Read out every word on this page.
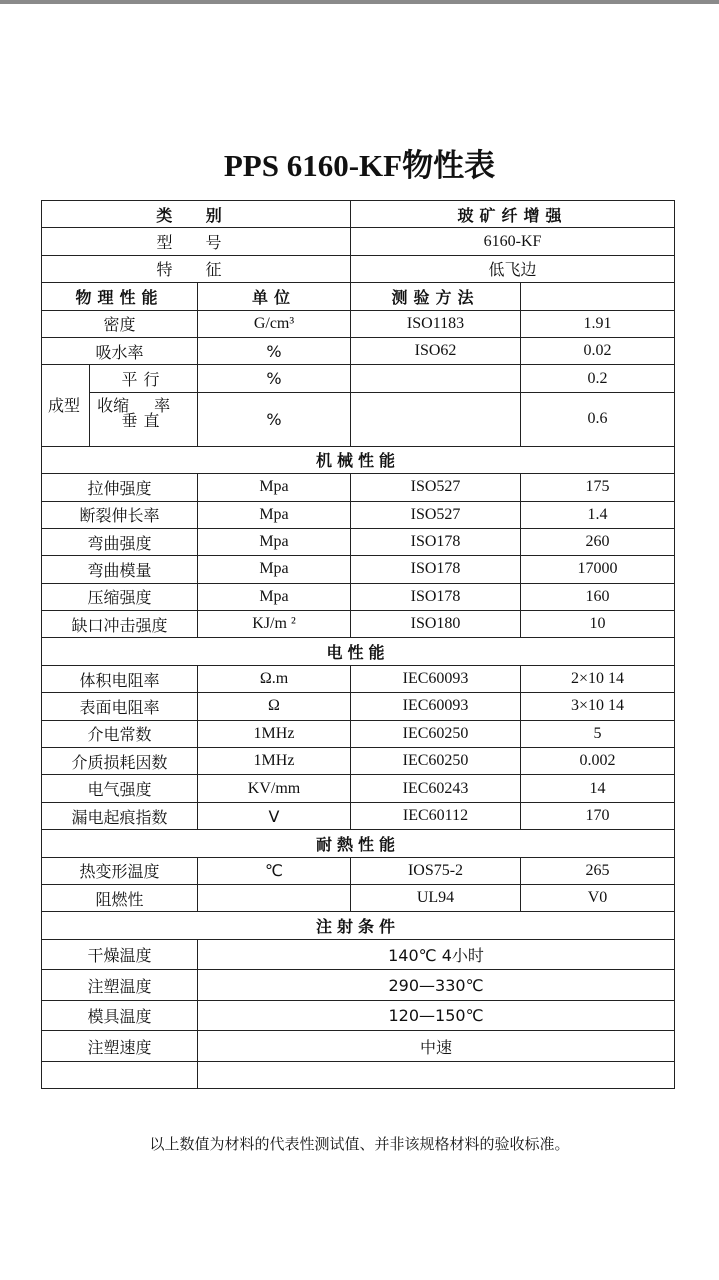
PPS 6160-KF物性表
类 别			玻矿纤增强	
型 号			6160-KF	
特 征			低飞边	
物理性能		单位	测验方法	
密度		G/cm³	ISO1183	1.91
吸水率		%	ISO62	0.02
成型 收缩 率	平行	%		0.2
	垂直	%		0.6
机械性能				
拉伸强度		Mpa	ISO527	175
断裂伸长率		Mpa	ISO527	1.4
弯曲强度		Mpa	ISO178	260
弯曲模量		Mpa	ISO178	17000
压缩强度		Mpa	ISO178	160
缺口冲击强度		KJ/m ²	ISO180	10
电性能				
体积电阻率		Ω.m	IEC60093	2×10 14
表面电阻率		Ω	IEC60093	3×10 14
介电常数		1MHz	IEC60250	5
介质损耗因数		1MHz	IEC60250	0.002
电气强度		KV/mm	IEC60243	14
漏电起痕指数		V	IEC60112	170
耐熱性能				
热变形温度		℃	IOS75-2	265
阻燃性			UL94	V0
注射条件				
干燥温度		140℃ 4小时		
注塑温度		290—330℃		
模具温度		120—150℃		
注塑速度		中速		

以上数值为材料的代表性测试值、并非该规格材料的验收标准。
